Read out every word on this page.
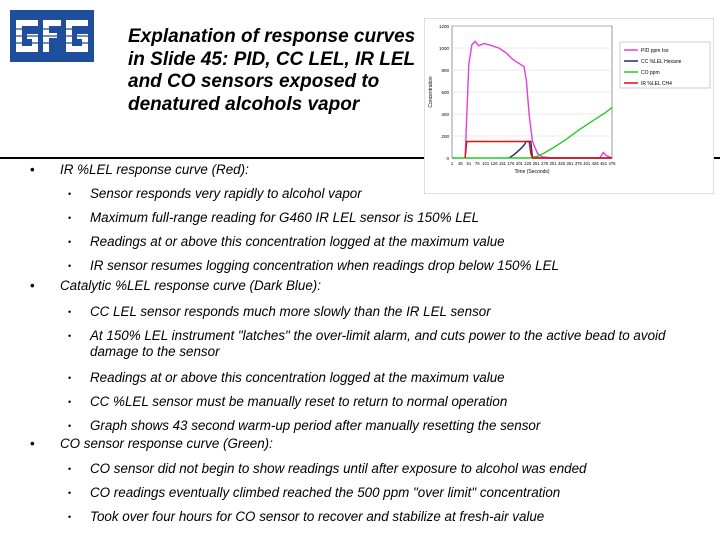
Explanation of response curves in Slide 45: PID, CC LEL, IR LEL and CO sensors exposed to denatured alcohols vapor
0
200
400
600
800
1000
1200
1 26 51 76 101 126 151 176 201 226 251 276 301 326 351 376 401 426 451 476
Concentration
Time (Seconds)
PID ppm Iso
CC %LEL Hexane
CO ppm
IR %LEL CH4
• IR %LEL response curve (Red):
• Sensor responds very rapidly to alcohol vapor
• Maximum full-range reading for G460 IR LEL sensor is 150% LEL
• Readings at or above this concentration logged at the maximum value
• IR sensor resumes logging concentration when readings drop below 150% LEL
• Catalytic %LEL response curve (Dark Blue):
• CC LEL sensor responds much more slowly than the IR LEL sensor
• At 150% LEL instrument "latches" the over-limit alarm, and cuts power to the active bead to avoid damage to the sensor
• Readings at or above this concentration logged at the maximum value
• CC %LEL sensor must be manually reset to return to normal operation
• Graph shows 43 second warm-up period after manually resetting the sensor
• CO sensor response curve (Green):
• CO sensor did not begin to show readings until after exposure to alcohol was ended
• CO readings eventually climbed reached the 500 ppm "over limit" concentration
• Took over four hours for CO sensor to recover and stabilize at fresh-air value
